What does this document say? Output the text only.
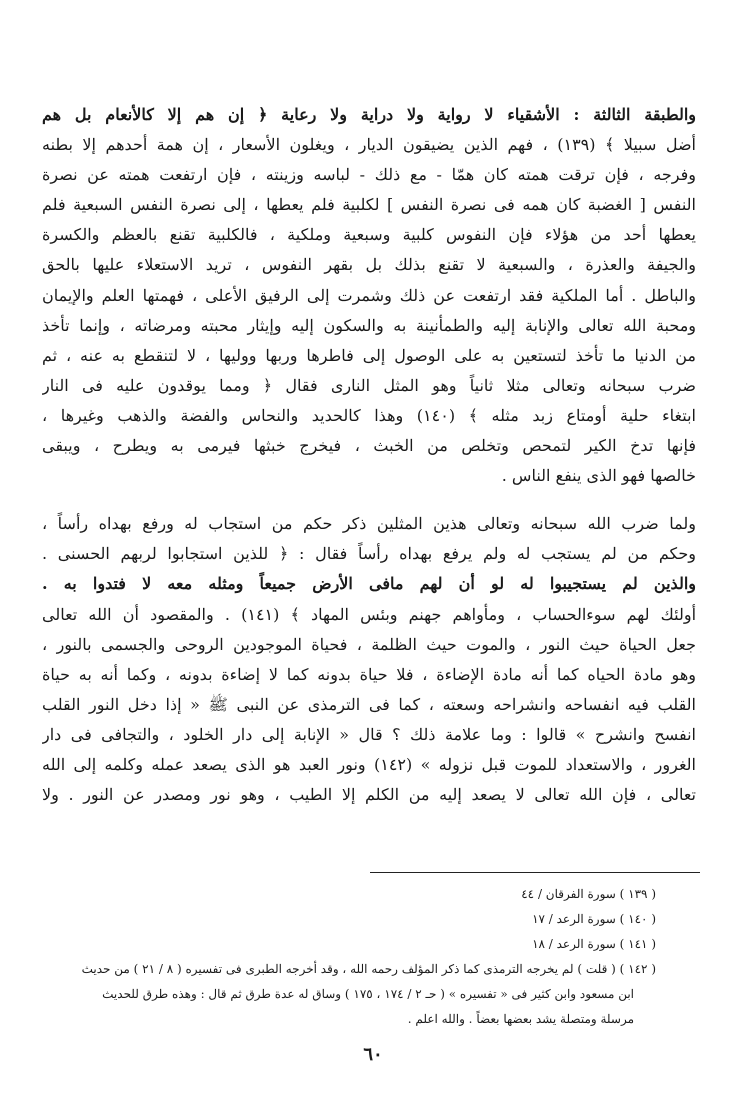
والطبقة الثالثة : الأشقياء لا رواية ولا دراية ولا رعاية ﴿ إن هم إلا كالأنعام بل هم
أضل سبيلا ﴾ (١٣٩) ، فهم الذين يضيقون الديار ، ويغلون الأسعار ، إن همة أحدهم إلا بطنه
وفرجه ، فإن ترقت همته كان همّا - مع ذلك - لباسه وزينته ، فإن ارتفعت همته عن نصرة
النفس [ الغضبة كان همه فى نصرة النفس ] لكلبية فلم يعطها ، إلى نصرة النفس السبعية فلم
يعطها أحد من هؤلاء فإن النفوس كلبية وسبعية وملكية ، فالكلبية تقنع بالعظم والكسرة
والجيفة والعذرة ، والسبعية لا تقنع بذلك بل بقهر النفوس ، تريد الاستعلاء عليها بالحق
والباطل . أما الملكية فقد ارتفعت عن ذلك وشمرت إلى الرفيق الأعلى ، فهمتها العلم والإيمان
ومحبة الله تعالى والإنابة إليه والطمأنينة به والسكون إليه وإيثار محبته ومرضاته ، وإنما تأخذ
من الدنيا ما تأخذ لتستعين به على الوصول إلى فاطرها وربها ووليها ، لا لتنقطع به عنه ، ثم
ضرب سبحانه وتعالى مثلا ثانياً وهو المثل النارى فقال ﴿ ومما يوقدون عليه فى النار
ابتغاء حلية أومتاع زبد مثله ﴾ (١٤٠) وهذا كالحديد والنحاس والفضة والذهب وغيرها ،
فإنها تدخ الكير لتمحص وتخلص من الخبث ، فيخرج خبثها فيرمى به ويطرح ، ويبقى
خالصها فهو الذى ينفع الناس .
ولما ضرب الله سبحانه وتعالى هذين المثلين ذكر حكم من استجاب له ورفع بهداه رأساً ،
وحكم من لم يستجب له ولم يرفع بهداه رأساً فقال : ﴿ للذين استجابوا لربهم الحسنى .
والذين لم يستجيبوا له لو أن لهم مافى الأرض جميعاً ومثله معه لا فتدوا به .
أولئك لهم سوءالحساب ، ومأواهم جهنم وبئس المهاد ﴾ (١٤١) . والمقصود أن الله تعالى
جعل الحياة حيث النور ، والموت حيث الظلمة ، فحياة الموجودين الروحى والجسمى بالنور ،
وهو مادة الحياه كما أنه مادة الإضاءة ، فلا حياة بدونه كما لا إضاءة بدونه ، وكما أنه به حياة
القلب فيه انفساحه وانشراحه وسعته ، كما فى الترمذى عن النبى ﷺ « إذا دخل النور القلب
انفسح وانشرح » قالوا : وما علامة ذلك ؟ قال « الإنابة إلى دار الخلود ، والتجافى فى دار
الغرور ، والاستعداد للموت قبل نزوله » (١٤٢) ونور العبد هو الذى يصعد عمله وكلمه إلى الله
تعالى ، فإن الله تعالى لا يصعد إليه من الكلم إلا الطيب ، وهو نور ومصدر عن النور . ولا
( ١٣٩ ) سورة الفرقان / ٤٤
( ١٤٠ ) سورة الرعد / ١٧
( ١٤١ ) سورة الرعد / ١٨
( ١٤٢ ) ( قلت ) لم يخرجه الترمذى كما ذكر المؤلف رحمه الله ، وقد أخرجه الطبرى فى تفسيره ( ٨ / ٢١ ) من حديث
ابن مسعود وابن كثير فى « تفسيره » ( حـ ٢ / ١٧٤ ، ١٧٥ ) وساق له عدة طرق ثم قال : وهذه طرق للحديث
مرسلة ومتصلة يشد بعضها بعضاً . والله اعلم .
٦٠
